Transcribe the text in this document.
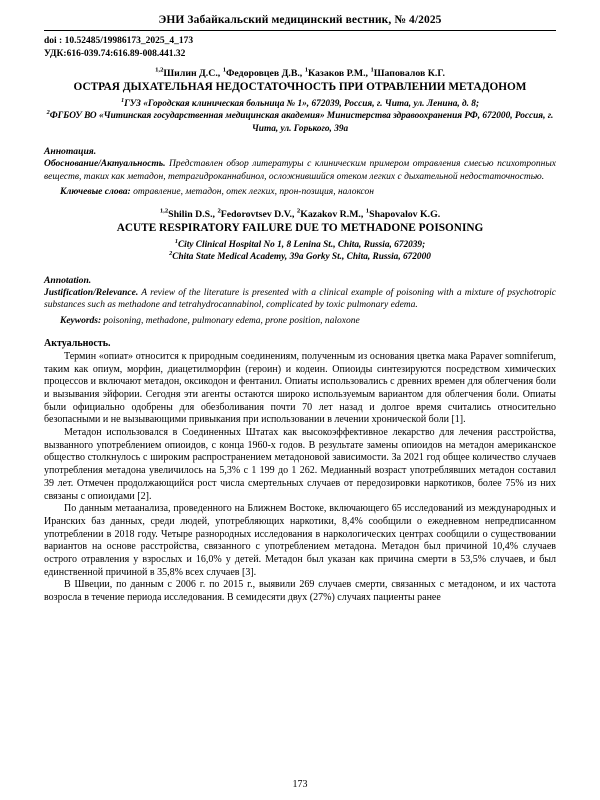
ЭНИ Забайкальский медицинский вестник, № 4/2025
doi : 10.52485/19986173_2025_4_173
УДК:616-039.74:616.89-008.441.32
$^{1,2}$Шилин Д.С., $^1$Федоровцев Д.В., $^1$Казаков Р.М., $^1$Шаповалов К.Г.
ОСТРАЯ ДЫХАТЕЛЬНАЯ НЕДОСТАТОЧНОСТЬ ПРИ ОТРАВЛЕНИИ МЕТАДОНОМ
$^1$ГУЗ «Городская клиническая больница № 1», 672039, Россия, г. Чита, ул. Ленина, д. 8;
$^2$ФГБОУ ВО «Читинская государственная медицинская академия» Министерства здравоохранения РФ, 672000, Россия, г. Чита, ул. Горького, 39а
Аннотация.

Обоснование/Актуальность. Представлен обзор литературы с клиническим примером отравления смесью психотропных веществ, таких как метадон, тетрагидроканнабинол, осложнившийся отеком легких с дыхательной недостаточностью.

Ключевые слова: отравление, метадон, отек легких, прон-позиция, налоксон

$^{1,2}$Shilin D.S., $^2$Fedorovtsev D.V., $^2$Kazakov R.M., $^1$Shapovalov K.G.
ACUTE RESPIRATORY FAILURE DUE TO METHADONE POISONING
$^1$City Clinical Hospital No 1, 8 Lenina St., Chita, Russia, 672039;
$^2$Chita State Medical Academy, 39a Gorky St., Chita, Russia, 672000
Annotation.

Justification/Relevance. A review of the literature is presented with a clinical example of poisoning with a mixture of psychotropic substances such as methadone and tetrahydrocannabinol, complicated by toxic pulmonary edema.

Keywords: poisoning, methadone, pulmonary edema, prone position, naloxone

Актуальность.

Термин «опиат» относится к природным соединениям, полученным из основания цветка мака Papaver somniferum, таким как опиум, морфин, диацетилморфин (героин) и кодеин. Опиоиды синтезируются посредством химических процессов и включают метадон, оксикодон и фентанил. Опиаты использовались с древних времен для облегчения боли и вызывания эйфории. Сегодня эти агенты остаются широко используемым вариантом для облегчения боли. Опиаты были официально одобрены для обезболивания почти 70 лет назад и долгое время считались относительно безопасными и не вызывающими привыкания при использовании в лечении хронической боли [1].

Метадон использовался в Соединенных Штатах как высокоэффективное лекарство для лечения расстройства, вызванного употреблением опиоидов, с конца 1960-х годов. В результате замены опиоидов на метадон американское общество столкнулось с широким распространением метадоновой зависимости. За 2021 год общее количество случаев употребления метадона увеличилось на 5,3% с 1 199 до 1 262. Медианный возраст употреблявших метадон составил 39 лет. Отмечен продолжающийся рост числа смертельных случаев от передозировки наркотиков, более 75% из них связаны с опиоидами [2].

По данным метаанализа, проведенного на Ближнем Востоке, включающего 65 исследований из международных и Иранских баз данных, среди людей, употребляющих наркотики, 8,4% сообщили о ежедневном непредписанном употреблении в 2018 году. Четыре разнородных исследования в наркологических центрах сообщили о существовании вариантов на основе расстройства, связанного с употреблением метадона. Метадон был причиной 10,4% случаев острого отравления у взрослых и 16,0% у детей. Метадон был указан как причина смерти в 53,5% случаев, и был единственной причиной в 35,8% всех случаев [3].

В Швеции, по данным с 2006 г. по 2015 г., выявили 269 случаев смерти, связанных с метадоном, и их частота возросла в течение периода исследования. В семидесяти двух (27%) случаях пациенты ранее

173
